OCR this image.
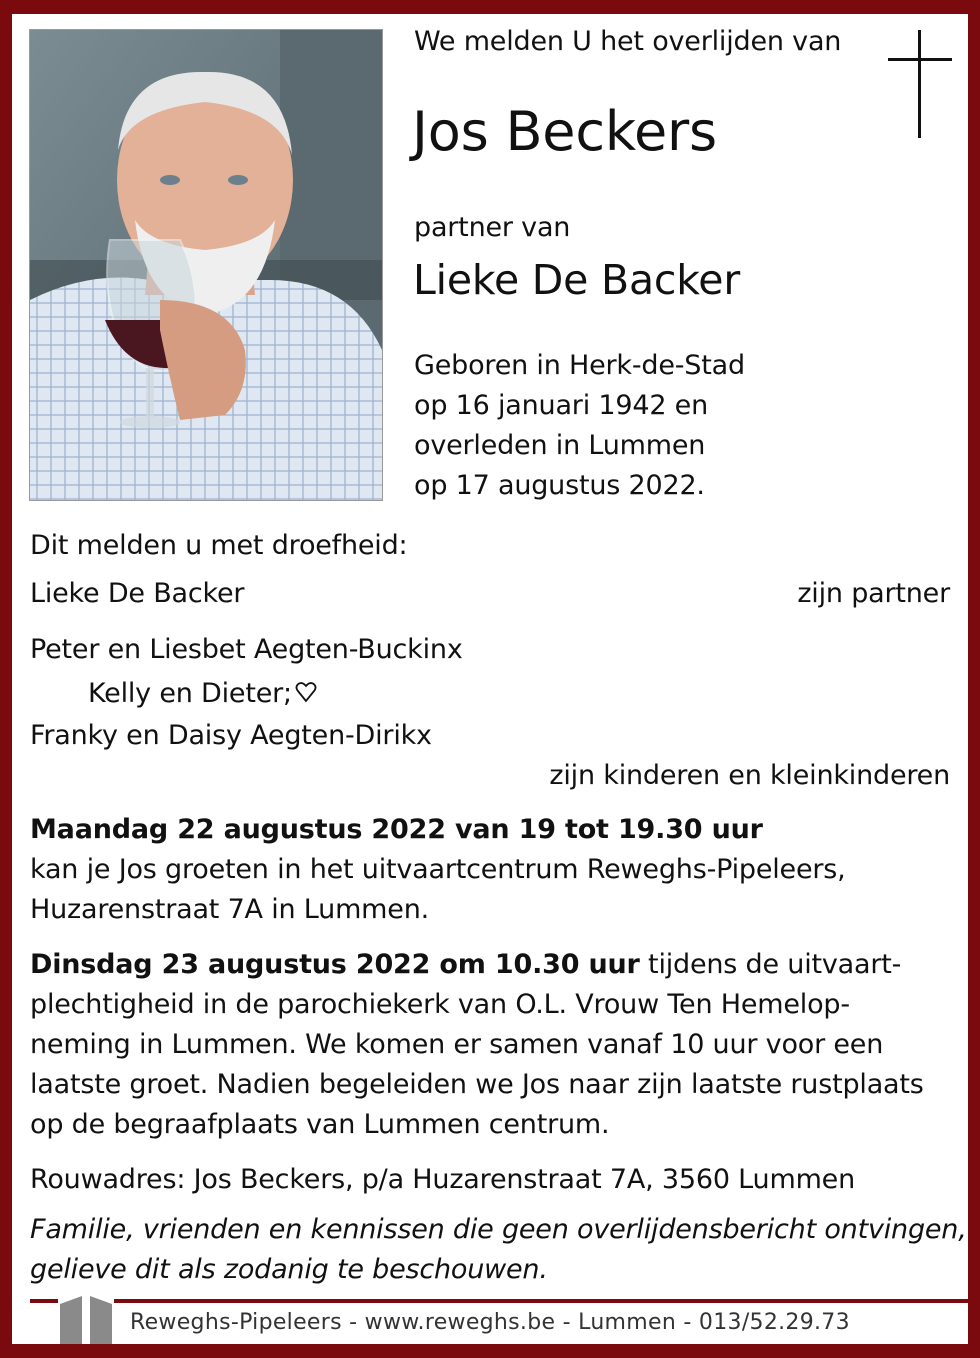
We melden U het overlijden van
Jos Beckers
partner van
Lieke De Backer
Geboren in Herk-de-Stad
op 16 januari 1942 en
overleden in Lummen
op 17 augustus 2022.
Dit melden u met droefheid:
Lieke De Backer	zijn partner
Peter en Liesbet Aegten-Buckinx
Kelly en Dieter;
Franky en Daisy Aegten-Dirikx
zijn kinderen en kleinkinderen
Maandag 22 augustus 2022 van 19 tot 19.30 uur
kan je Jos groeten in het uitvaartcentrum Reweghs-Pipeleers,
Huzarenstraat 7A in Lummen.
Dinsdag 23 augustus 2022 om 10.30 uur tijdens de uitvaart-
plechtigheid in de parochiekerk van O.L. Vrouw Ten Hemelop-
neming in Lummen. We komen er samen vanaf 10 uur voor een
laatste groet. Nadien begeleiden we Jos naar zijn laatste rustplaats
op de begraafplaats van Lummen centrum.
Rouwadres: Jos Beckers, p/a Huzarenstraat 7A, 3560 Lummen
Familie, vrienden en kennissen die geen overlijdensbericht ontvingen,
gelieve dit als zodanig te beschouwen.
Reweghs-Pipeleers - www.reweghs.be - Lummen - 013/52.29.73
